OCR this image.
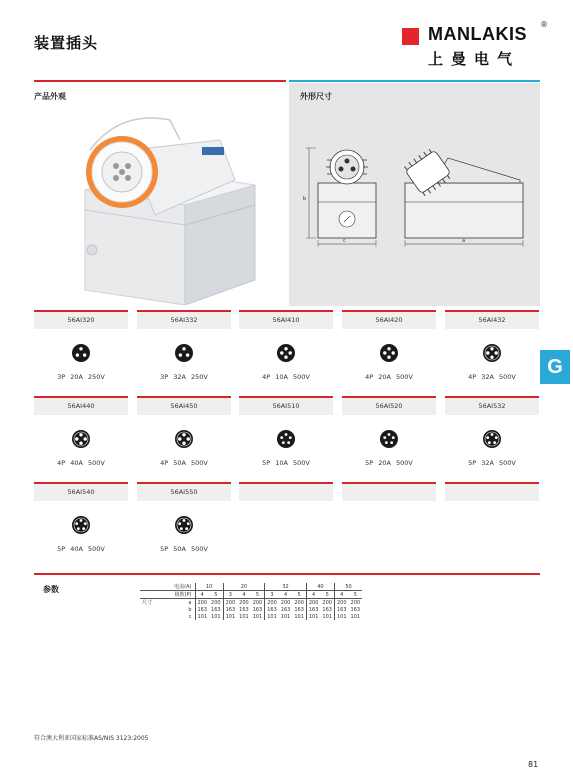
装置插头	MANLAKIS ®
上曼电气
产品外观	外形尺寸
b
c	a
G
56AI320
3P 20A 250V
56AI332
3P 32A 250V
56AI410
4P 10A 500V
56AI420
4P 20A 500V
56AI432
4P 32A 500V
56AI440
4P 40A 500V
56AI450
4P 50A 500V
56AI510
5P 10A 500V
56AI520
5P 20A 500V
56AI532
5P 32A 500V
56AI540
5P 40A 500V
56AI550
5P 50A 500V
参数	电流(A)		10		20			32			40		50	
极数(P)		4	5	3	4	5	3	4	5	4	5	4	5
尺寸	a	200	200	200	200	200	200	200	200	200	200	200	200
	b	163	163	163	163	163	163	163	163	163	163	163	163
	c	101	101	101	101	101	101	101	101	101	101	101	101
符合澳大利亚国家标准AS/NIS 3123:2005
81
